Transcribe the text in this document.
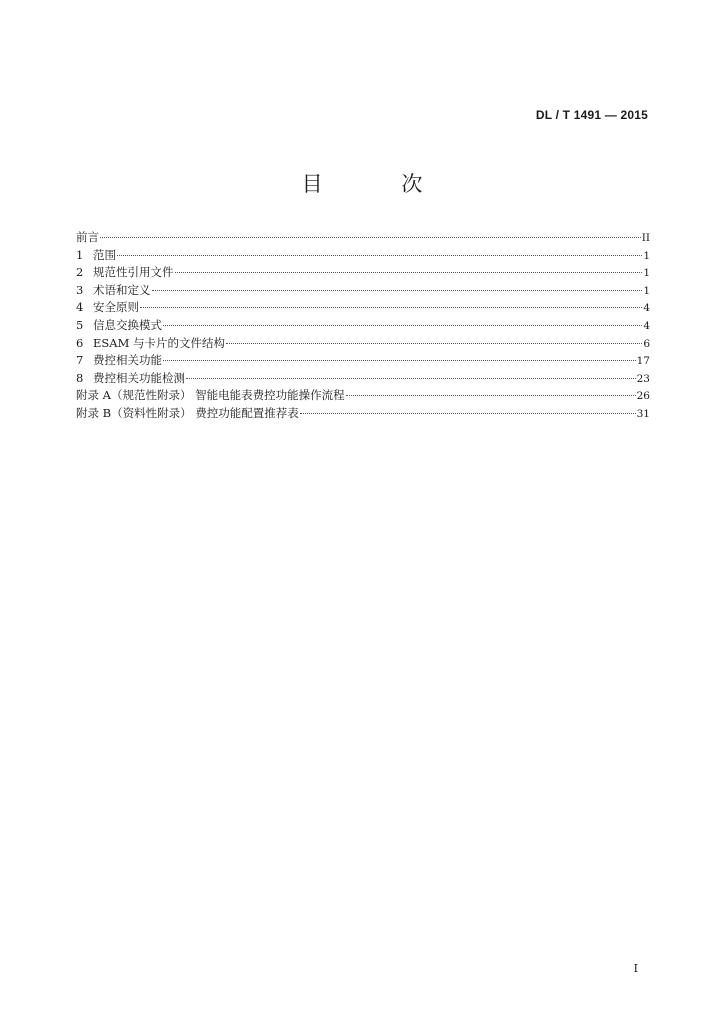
DL / T 1491 — 2015
目 次
前言	II
1 范围	1
2 规范性引用文件	1
3 术语和定义	1
4 安全原则	4
5 信息交换模式	4
6 ESAM 与卡片的文件结构	6
7 费控相关功能	17
8 费控相关功能检测	23
附录 A（规范性附录） 智能电能表费控功能操作流程	26
附录 B（资料性附录） 费控功能配置推荐表	31
I
